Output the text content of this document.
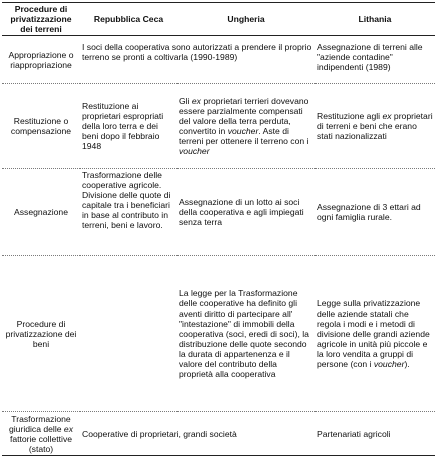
Procedure di privatizzazione dei terreni	Repubblica Ceca	Ungheria	Lithania
Appropriazione o riappropriazione	I soci della cooperativa sono autorizzati a prendere il proprio terreno se pronti a coltivarla (1990-1989)		Assegnazione di terreni alle "aziende contadine" indipendenti (1989)
Restituzione o compensazione	Restituzione ai proprietari espropriati della loro terra e dei beni dopo il febbraio 1948	Gli ex proprietari terrieri dovevano essere parzialmente compensati del valore della terra perduta, convertito in voucher. Aste di terreni per ottenere il terreno con i voucher	Restituzione agli ex proprietari di terreni e beni che erano stati nazionalizzati
Assegnazione	Trasformazione delle cooperative agricole. Divisione delle quote di capitale tra i beneficiari in base al contributo in terreni, beni e lavoro.	Assegnazione di un lotto ai soci della cooperativa e agli impiegati senza terra	Assegnazione di 3 ettari ad ogni famiglia rurale.
Procedure di privatizzazione dei beni		La legge per la Trasformazione delle cooperative ha definito gli aventi diritto di partecipare all' "intestazione" di immobili della cooperativa (soci, eredi di soci), la distribuzione delle quote secondo la durata di appartenenza e il valore del contributo della proprietà alla cooperativa	Legge sulla privatizzazione delle aziende statali che regola i modi e i metodi di divisione delle grandi aziende agricole in unità più piccole e la loro vendita a gruppi di persone (con i voucher).
Trasformazione giuridica delle ex fattorie collettive (stato)	Cooperative di proprietari, grandi società		Partenariati agricoli
